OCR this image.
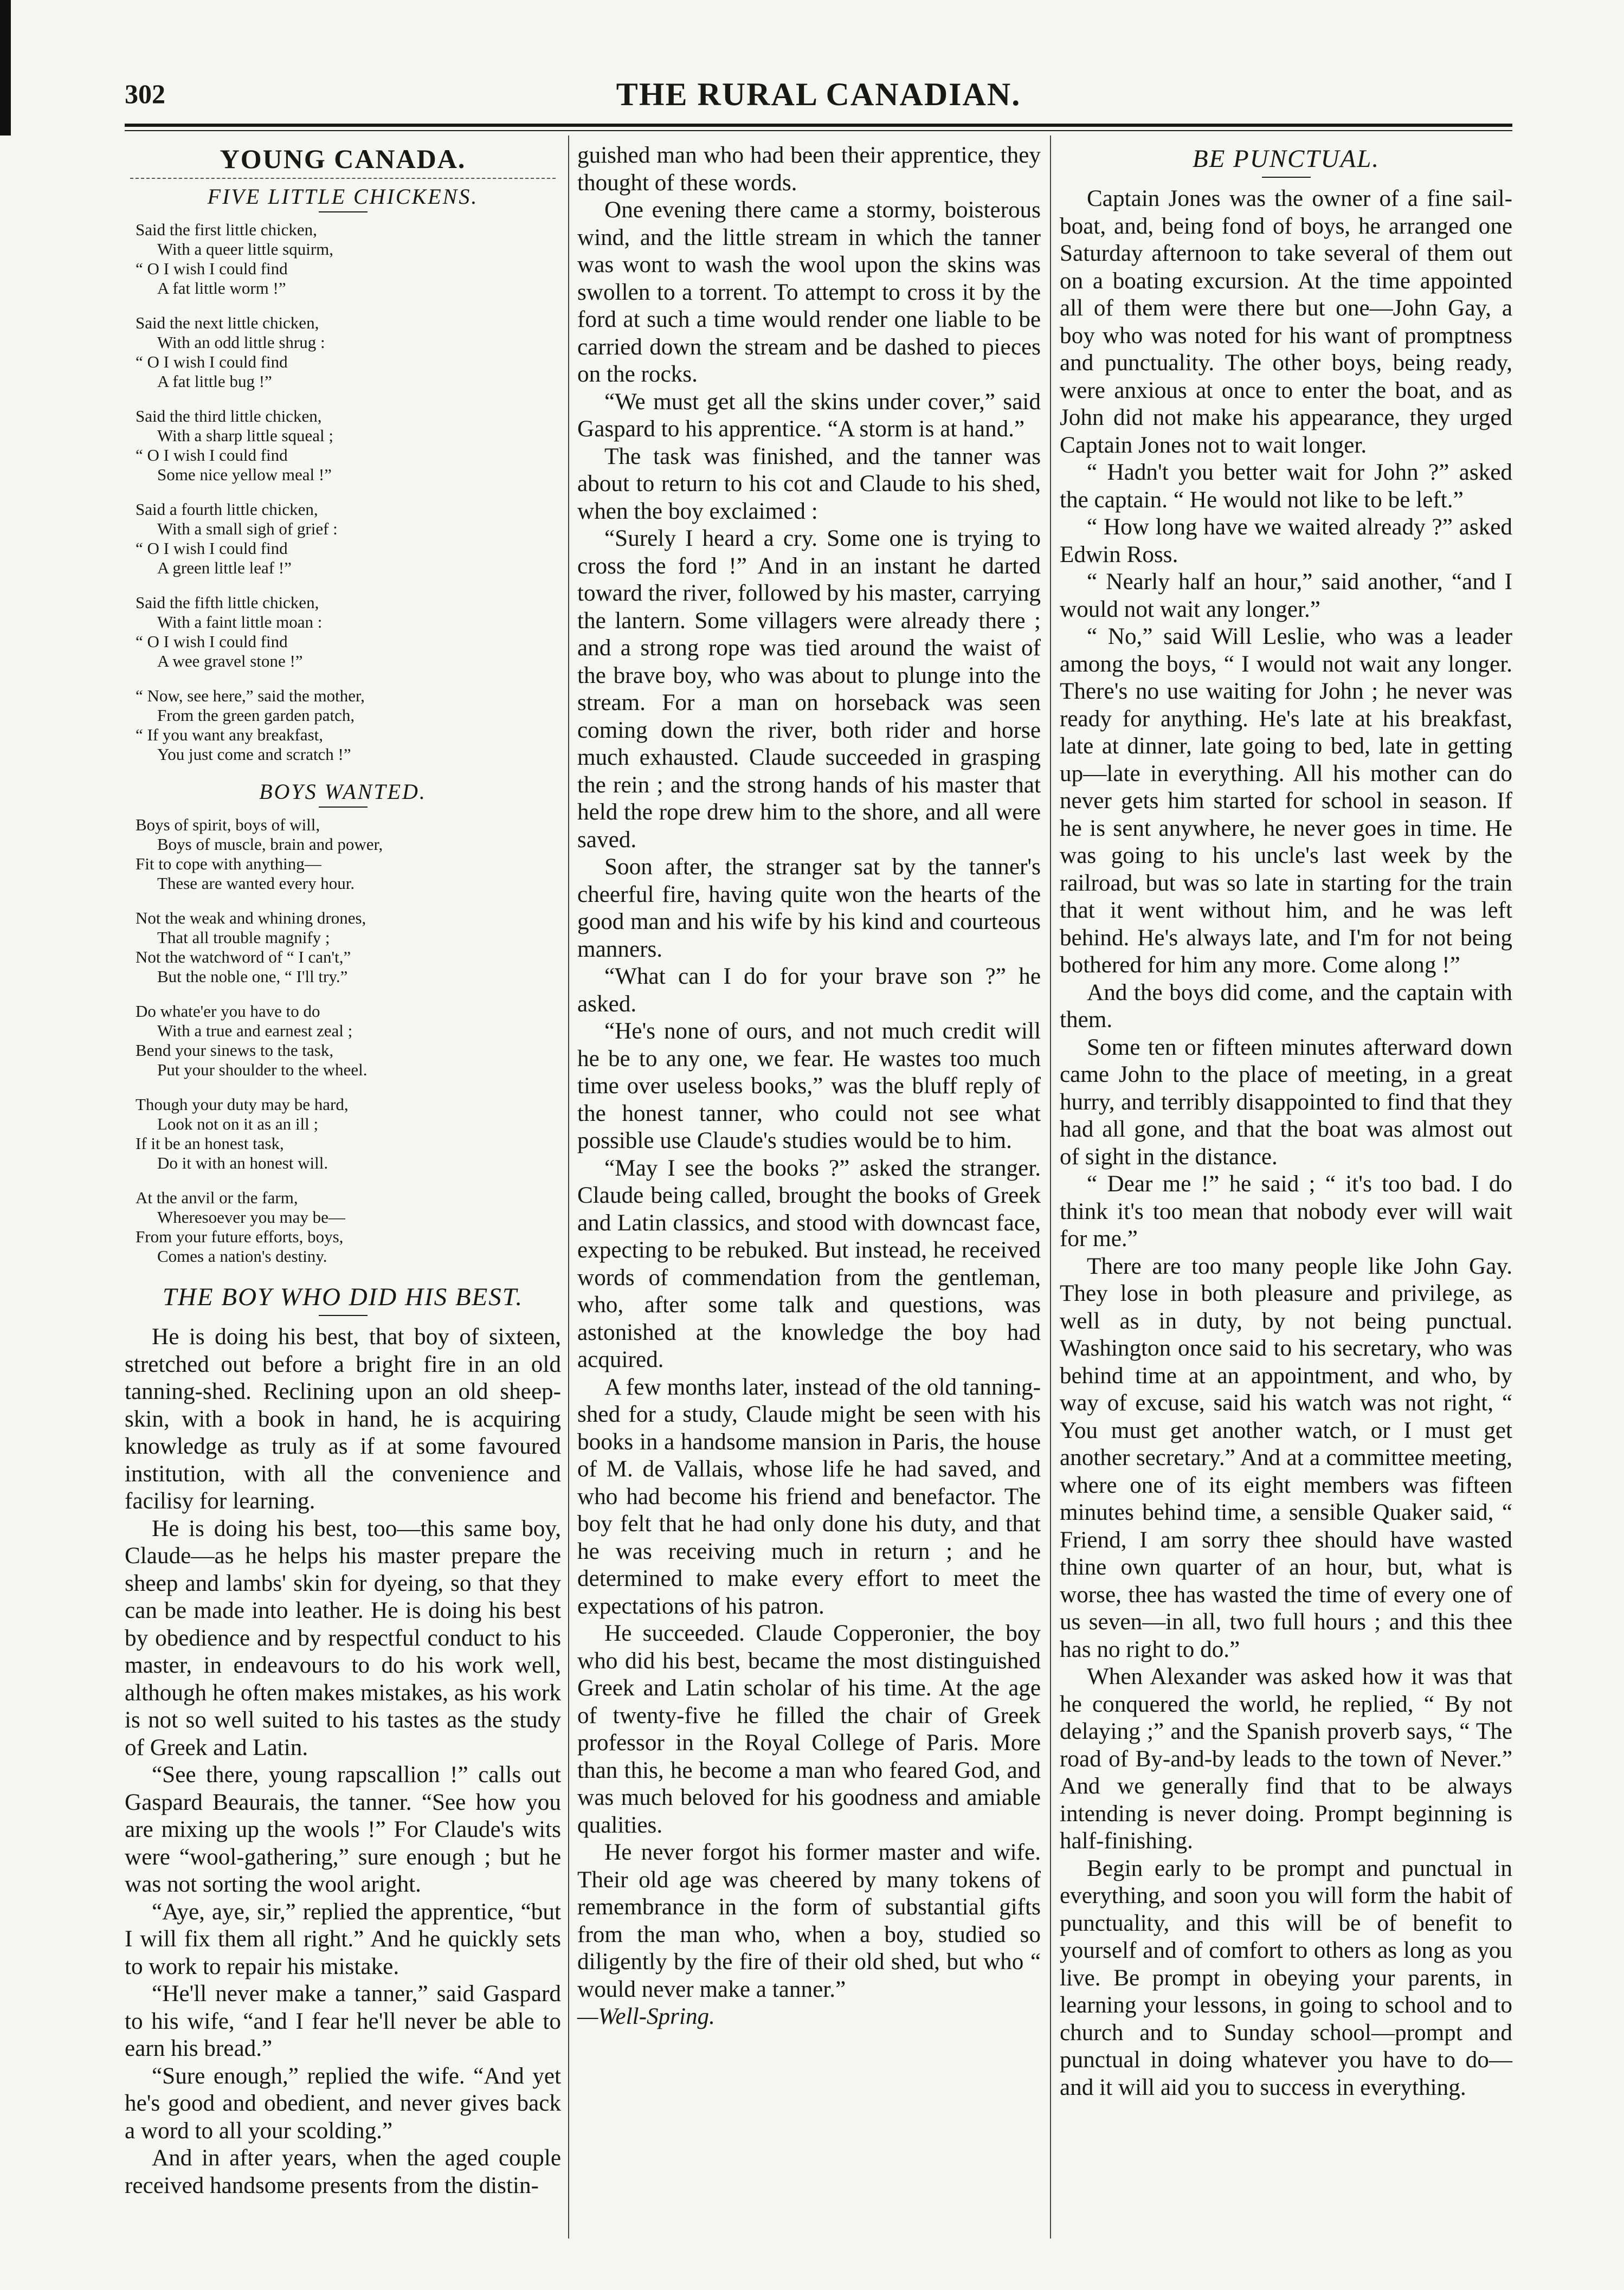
302	THE RURAL CANADIAN.
YOUNG CANADA.
FIVE LITTLE CHICKENS.
Said the first little chicken,
With a queer little squirm,
“ O I wish I could find
A fat little worm !”
Said the next little chicken,
With an odd little shrug :
“ O I wish I could find
A fat little bug !”
Said the third little chicken,
With a sharp little squeal ;
“ O I wish I could find
Some nice yellow meal !”
Said a fourth little chicken,
With a small sigh of grief :
“ O I wish I could find
A green little leaf !”
Said the fifth little chicken,
With a faint little moan :
“ O I wish I could find
A wee gravel stone !”
“ Now, see here,” said the mother,
From the green garden patch,
“ If you want any breakfast,
You just come and scratch !”
BOYS WANTED.
Boys of spirit, boys of will,
Boys of muscle, brain and power,
Fit to cope with anything—
These are wanted every hour.
Not the weak and whining drones,
That all trouble magnify ;
Not the watchword of “ I can't,”
But the noble one, “ I'll try.”
Do whate'er you have to do
With a true and earnest zeal ;
Bend your sinews to the task,
Put your shoulder to the wheel.
Though your duty may be hard,
Look not on it as an ill ;
If it be an honest task,
Do it with an honest will.
At the anvil or the farm,
Wheresoever you may be—
From your future efforts, boys,
Comes a nation's destiny.
THE BOY WHO DID HIS BEST.

He is doing his best, that boy of sixteen, stretched out before a bright fire in an old tanning-shed. Reclining upon an old sheep-skin, with a book in hand, he is acquiring knowledge as truly as if at some favoured institution, with all the convenience and facilisy for learning.

He is doing his best, too—this same boy, Claude—as he helps his master prepare the sheep and lambs' skin for dyeing, so that they can be made into leather. He is doing his best by obedience and by respectful conduct to his master, in endeavours to do his work well, although he often makes mistakes, as his work is not so well suited to his tastes as the study of Greek and Latin.

“See there, young rapscallion !” calls out Gaspard Beaurais, the tanner. “See how you are mixing up the wools !” For Claude's wits were “wool-gathering,” sure enough ; but he was not sorting the wool aright.

“Aye, aye, sir,” replied the apprentice, “but I will fix them all right.” And he quickly sets to work to repair his mistake.

“He'll never make a tanner,” said Gaspard to his wife, “and I fear he'll never be able to earn his bread.”

“Sure enough,” replied the wife. “And yet he's good and obedient, and never gives back a word to all your scolding.”

And in after years, when the aged couple received handsome presents from the distin-

guished man who had been their apprentice, they thought of these words.

One evening there came a stormy, boisterous wind, and the little stream in which the tanner was wont to wash the wool upon the skins was swollen to a torrent. To attempt to cross it by the ford at such a time would render one liable to be carried down the stream and be dashed to pieces on the rocks.

“We must get all the skins under cover,” said Gaspard to his apprentice. “A storm is at hand.”

The task was finished, and the tanner was about to return to his cot and Claude to his shed, when the boy exclaimed :

“Surely I heard a cry. Some one is trying to cross the ford !” And in an instant he darted toward the river, followed by his master, carrying the lantern. Some villagers were already there ; and a strong rope was tied around the waist of the brave boy, who was about to plunge into the stream. For a man on horseback was seen coming down the river, both rider and horse much exhausted. Claude succeeded in grasping the rein ; and the strong hands of his master that held the rope drew him to the shore, and all were saved.

Soon after, the stranger sat by the tanner's cheerful fire, having quite won the hearts of the good man and his wife by his kind and courteous manners.

“What can I do for your brave son ?” he asked.

“He's none of ours, and not much credit will he be to any one, we fear. He wastes too much time over useless books,” was the bluff reply of the honest tanner, who could not see what possible use Claude's studies would be to him.

“May I see the books ?” asked the stranger. Claude being called, brought the books of Greek and Latin classics, and stood with downcast face, expecting to be rebuked. But instead, he received words of commendation from the gentleman, who, after some talk and questions, was astonished at the knowledge the boy had acquired.

A few months later, instead of the old tanning-shed for a study, Claude might be seen with his books in a handsome mansion in Paris, the house of M. de Vallais, whose life he had saved, and who had become his friend and benefactor. The boy felt that he had only done his duty, and that he was receiving much in return ; and he determined to make every effort to meet the expectations of his patron.

He succeeded. Claude Copperonier, the boy who did his best, became the most distinguished Greek and Latin scholar of his time. At the age of twenty-five he filled the chair of Greek professor in the Royal College of Paris. More than this, he become a man who feared God, and was much beloved for his goodness and amiable qualities.

He never forgot his former master and wife. Their old age was cheered by many tokens of remembrance in the form of substantial gifts from the man who, when a boy, studied so diligently by the fire of their old shed, but who “ would never make a tanner.”

—Well-Spring.

BE PUNCTUAL.

Captain Jones was the owner of a fine sail-boat, and, being fond of boys, he arranged one Saturday afternoon to take several of them out on a boating excursion. At the time appointed all of them were there but one—John Gay, a boy who was noted for his want of promptness and punctuality. The other boys, being ready, were anxious at once to enter the boat, and as John did not make his appearance, they urged Captain Jones not to wait longer.

“ Hadn't you better wait for John ?” asked the captain. “ He would not like to be left.”

“ How long have we waited already ?” asked Edwin Ross.

“ Nearly half an hour,” said another, “and I would not wait any longer.”

“ No,” said Will Leslie, who was a leader among the boys, “ I would not wait any longer. There's no use waiting for John ; he never was ready for anything. He's late at his breakfast, late at dinner, late going to bed, late in getting up—late in everything. All his mother can do never gets him started for school in season. If he is sent anywhere, he never goes in time. He was going to his uncle's last week by the railroad, but was so late in starting for the train that it went without him, and he was left behind. He's always late, and I'm for not being bothered for him any more. Come along !”

And the boys did come, and the captain with them.

Some ten or fifteen minutes afterward down came John to the place of meeting, in a great hurry, and terribly disappointed to find that they had all gone, and that the boat was almost out of sight in the distance.

“ Dear me !” he said ; “ it's too bad. I do think it's too mean that nobody ever will wait for me.”

There are too many people like John Gay. They lose in both pleasure and privilege, as well as in duty, by not being punctual. Washington once said to his secretary, who was behind time at an appointment, and who, by way of excuse, said his watch was not right, “ You must get another watch, or I must get another secretary.” And at a committee meeting, where one of its eight members was fifteen minutes behind time, a sensible Quaker said, “ Friend, I am sorry thee should have wasted thine own quarter of an hour, but, what is worse, thee has wasted the time of every one of us seven—in all, two full hours ; and this thee has no right to do.”

When Alexander was asked how it was that he conquered the world, he replied, “ By not delaying ;” and the Spanish proverb says, “ The road of By-and-by leads to the town of Never.” And we generally find that to be always intending is never doing. Prompt beginning is half-finishing.

Begin early to be prompt and punctual in everything, and soon you will form the habit of punctuality, and this will be of benefit to yourself and of comfort to others as long as you live. Be prompt in obeying your parents, in learning your lessons, in going to school and to church and to Sunday school—prompt and punctual in doing whatever you have to do—and it will aid you to success in everything.
